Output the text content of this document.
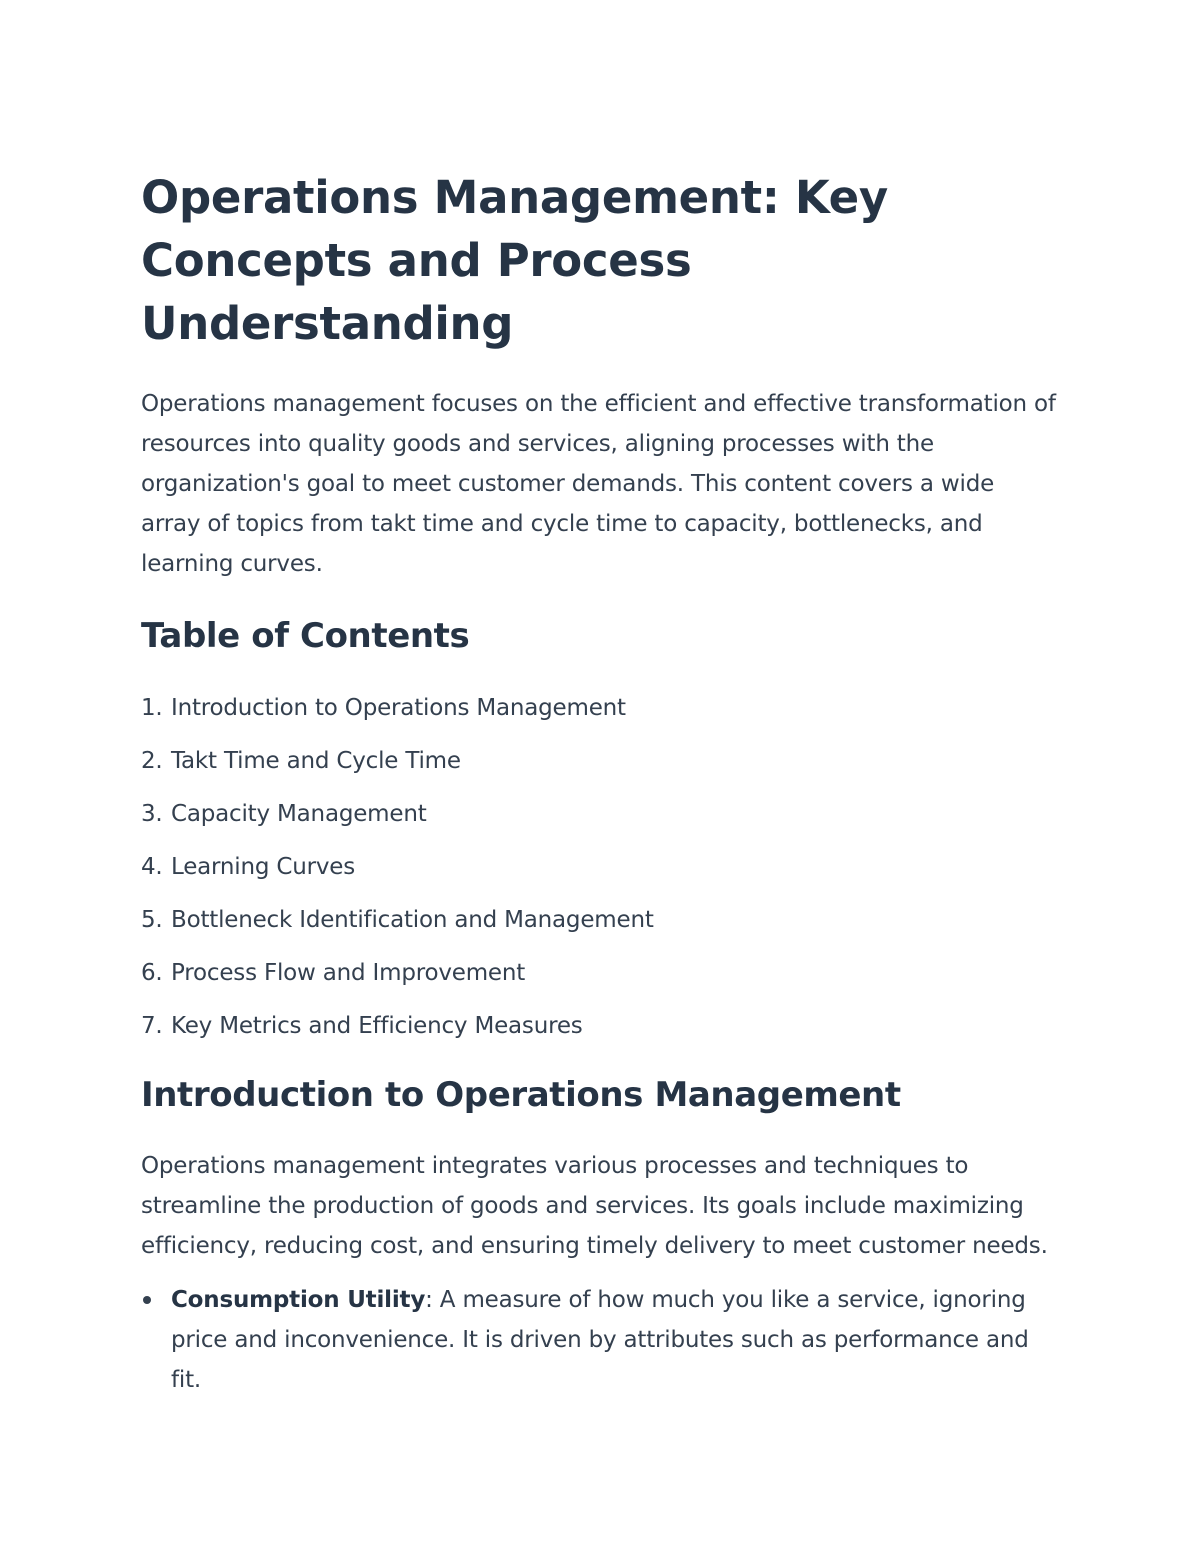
Operations Management: Key Concepts and Process Understanding

Operations management focuses on the efficient and effective transformation of resources into quality goods and services, aligning processes with the organization's goal to meet customer demands. This content covers a wide array of topics from takt time and cycle time to capacity, bottlenecks, and learning curves.

Table of Contents
1. Introduction to Operations Management
2. Takt Time and Cycle Time
3. Capacity Management
4. Learning Curves
5. Bottleneck Identification and Management
6. Process Flow and Improvement
7. Key Metrics and Efficiency Measures
Introduction to Operations Management

Operations management integrates various processes and techniques to streamline the production of goods and services. Its goals include maximizing efficiency, reducing cost, and ensuring timely delivery to meet customer needs.

Consumption Utility: A measure of how much you like a service, ignoring price and inconvenience. It is driven by attributes such as performance and fit.
